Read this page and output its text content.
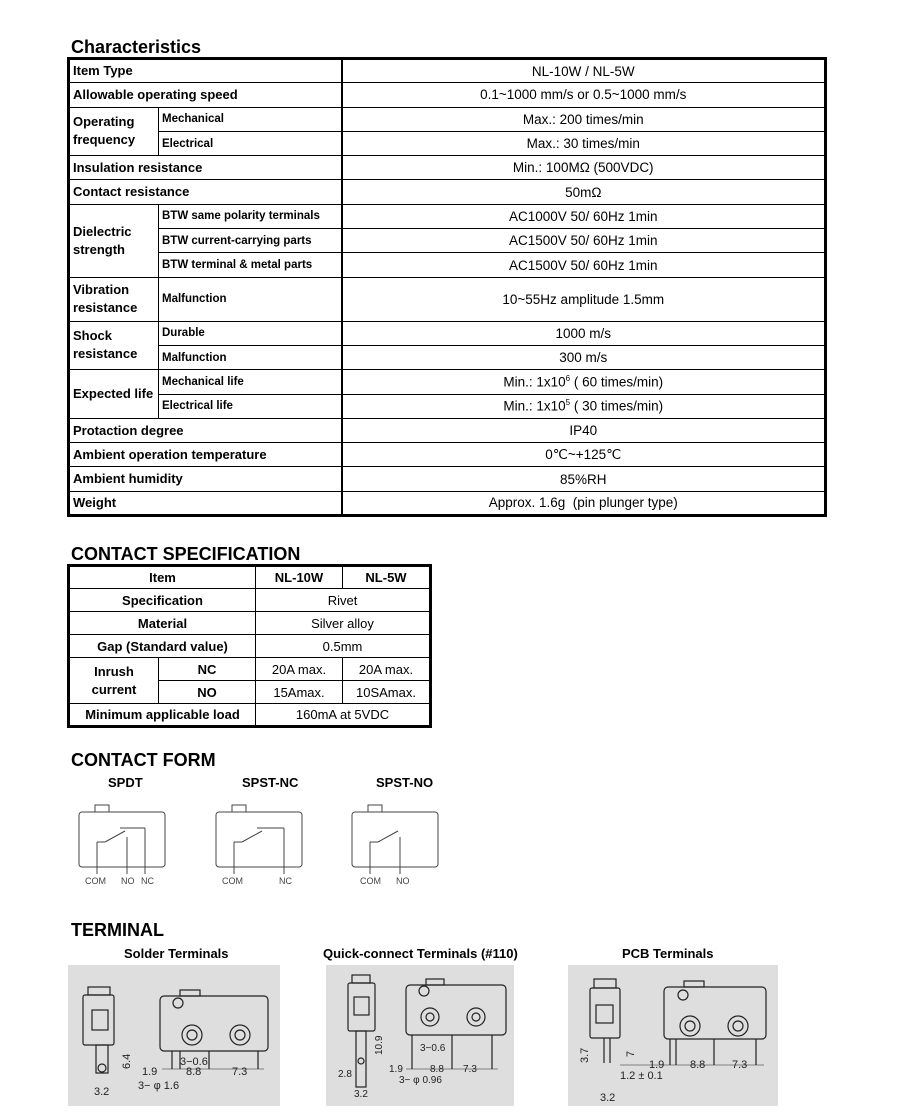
Characteristics
Item Type		NL-10W / NL-5W
Allowable operating speed		0.1~1000 mm/s or 0.5~1000 mm/s
Operating frequency	Mechanical	Max.: 200 times/min
	Electrical	Max.: 30 times/min
Insulation resistance		Min.: 100MΩ (500VDC)
Contact resistance		50mΩ
Dielectric strength	BTW same polarity terminals	AC1000V 50/ 60Hz 1min
	BTW current-carrying parts	AC1500V 50/ 60Hz 1min
	BTW terminal & metal parts	AC1500V 50/ 60Hz 1min
Vibration resistance	Malfunction	10~55Hz amplitude 1.5mm
Shock resistance	Durable	1000 m/s
	Malfunction	300 m/s
Expected life	Mechanical life	Min.: $1x10^6$ ( 60 times/min)
	Electrical life	Min.: $1x10^5$ ( 30 times/min)
Protaction degree		IP40
Ambient operation temperature		0℃~+125℃
Ambient humidity		85%RH
Weight		Approx. 1.6g  (pin plunger type)
CONTACT SPECIFICATION
Item		NL-10W	NL-5W
Specification		Rivet	
Material		Silver alloy	
Gap (Standard value)		0.5mm	
Inrush current	NC	20A max.	20A max.
	NO	15Amax.	10SAmax.
Minimum applicable load		160mA at 5VDC	
CONTACT FORM
SPDT	SPST-NC	SPST-NO
COM NO NC	COM	NC	COM NO
TERMINAL
Solder Terminals	Quick-connect Terminals (#110)	PCB Terminals
6.4	3−0.6
1.9	8.8	7.3
3− φ 1.6
3.2
10.9	3−0.6
1.9	8.8 7.3
2.8
3− φ 0.96
3.2
3.7	7
1.9 8.8 7.3
1.2 ± 0.1
3.2
